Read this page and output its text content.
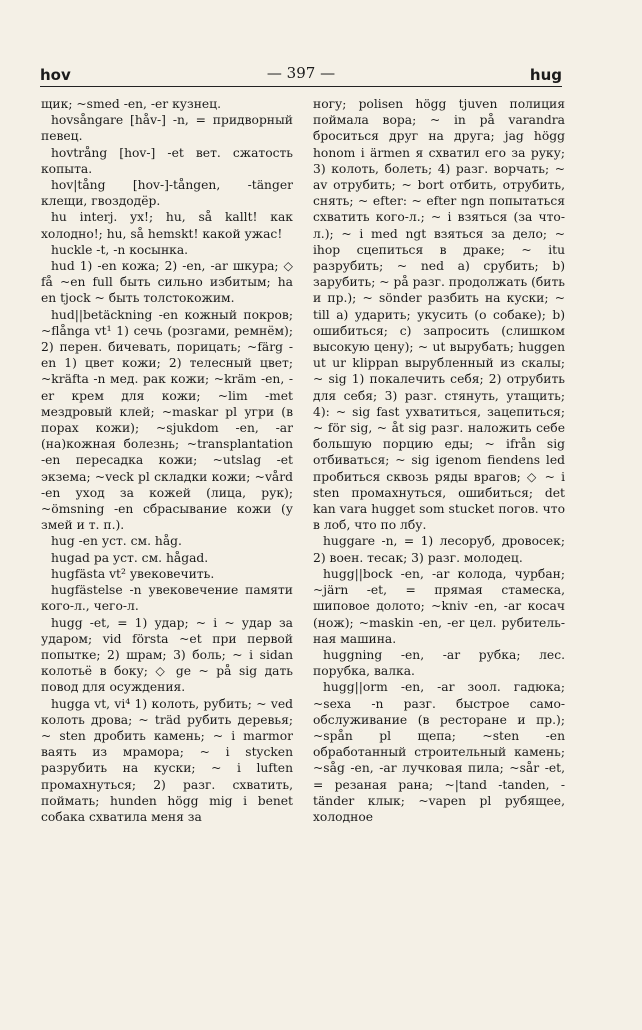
hov	— 397 —	hug

щик; ~smed -en, -er кузнец.

hovsångare [håv-] -n, = придворный певец.

hovtrång [hov-] -et вет. сжатость копыта.

hov|tång [hov-]-tången, -tänger клещи, гвоздодёр.

hu interj. yx!; hu, så kallt! как холодно!; hu, så hemskt! какой ужас!

huckle -t, -n косынка.

hud 1) -en кожа; 2) -en, -ar шкура; ◇ få ~en full быть сильно избитым; ha en tjock ~ быть толстокожим.

hud||betäckning -en кожный покров; ~flånga vt¹ 1) сечь (розгами, ремнём); 2) перен. бичевать, порицать; ~färg -en 1) цвет кожи; 2) телесный цвет; ~kräfta -n мед. рак кожи; ~kräm -en, -er крем для кожи; ~lim -met мездровый клей; ~maskar pl угри (в порах кожи); ~sjukdom -en, -ar (на)кожная болезнь; ~transplantation -en пересадка кожи; ~utslag -et экзема; ~veck pl складки кожи; ~vård -en уход за кожей (лица, рук); ~ömsning -en сбрасывание кожи (у змей и т. п.).

hug -en уст. см. håg.

hugad pa уст. см. hågad.

hugfästa vt² увековечить.

hugfästelse -n увековечение памяти кого-л., чего-л.

hugg -et, = 1) удар; ~ i ~ удар за ударом; vid första ~et при первой попытке; 2) шрам; 3) боль; ~ i sidan колотьё в боку; ◇ ge ~ på sig дать повод для осуждения.

hugga vt, vi⁴ 1) колоть, рубить; ~ ved колоть дрова; ~ träd рубить деревья; ~ sten дробить камень; ~ i marmor ваять из мрамора; ~ i stycken разрубить на куски; ~ i luften промахнуться; 2) разг. схватить, поймать; hunden högg mig i benet собака схватила меня за

ногу; polisen högg tjuven полиция поймала вора; ~ in på varandra броситься друг на друга; jag högg honom i ärmen я схватил его за руку; 3) колоть, болеть; 4) разг. ворчать; ~ av отрубить; ~ bort отбить, отрубить, снять; ~ efter: ~ efter ngn попытаться схватить кого-л.; ~ i взяться (за что-л.); ~ i med ngt взяться за дело; ~ ihop сцепиться в драке; ~ itu разрубить; ~ ned а) срубить; b) зарубить; ~ på разг. продолжать (бить и пр.); ~ sönder разбить на куски; ~ till а) ударить; укусить (о собаке); b) ошибиться; с) запросить (слишком высокую цену); ~ ut вырубать; huggen ut ur klippan вырубленный из скалы; ~ sig 1) покалечить себя; 2) отрубить для себя; 3) разг. стянуть, утащить; 4): ~ sig fast ухватиться, зацепиться; ~ för sig, ~ åt sig разг. наложить себе большую порцию еды; ~ ifrån sig отбиваться; ~ sig igenom fiendens led пробиться сквозь ряды врагов; ◇ ~ i sten промахнуться, ошибиться; det kan vara hugget som stucket погов. что в лоб, что по лбу.

huggare -n, = 1) лесоруб, дровосек; 2) воен. тесак; 3) разг. молодец.

hugg||bock -en, -ar колода, чурбан; ~järn -et, = прямая стамеска, шиповое долото; ~kniv -en, -ar косач (нож); ~maskin -en, -er цел. рубительная машина.

huggning -en, -ar рубка; лес. порубка, валка.

hugg||orm -en, -ar зоол. гадюка; ~sexa -n разг. быстрое самообслуживание (в ресторане и пр.); ~spån pl щепа; ~sten -en обработанный строительный камень; ~såg -en, -ar лучковая пила; ~sår -et, = резаная рана; ~|tand -tanden, -tänder клык; ~vapen pl рубящее, холодное
